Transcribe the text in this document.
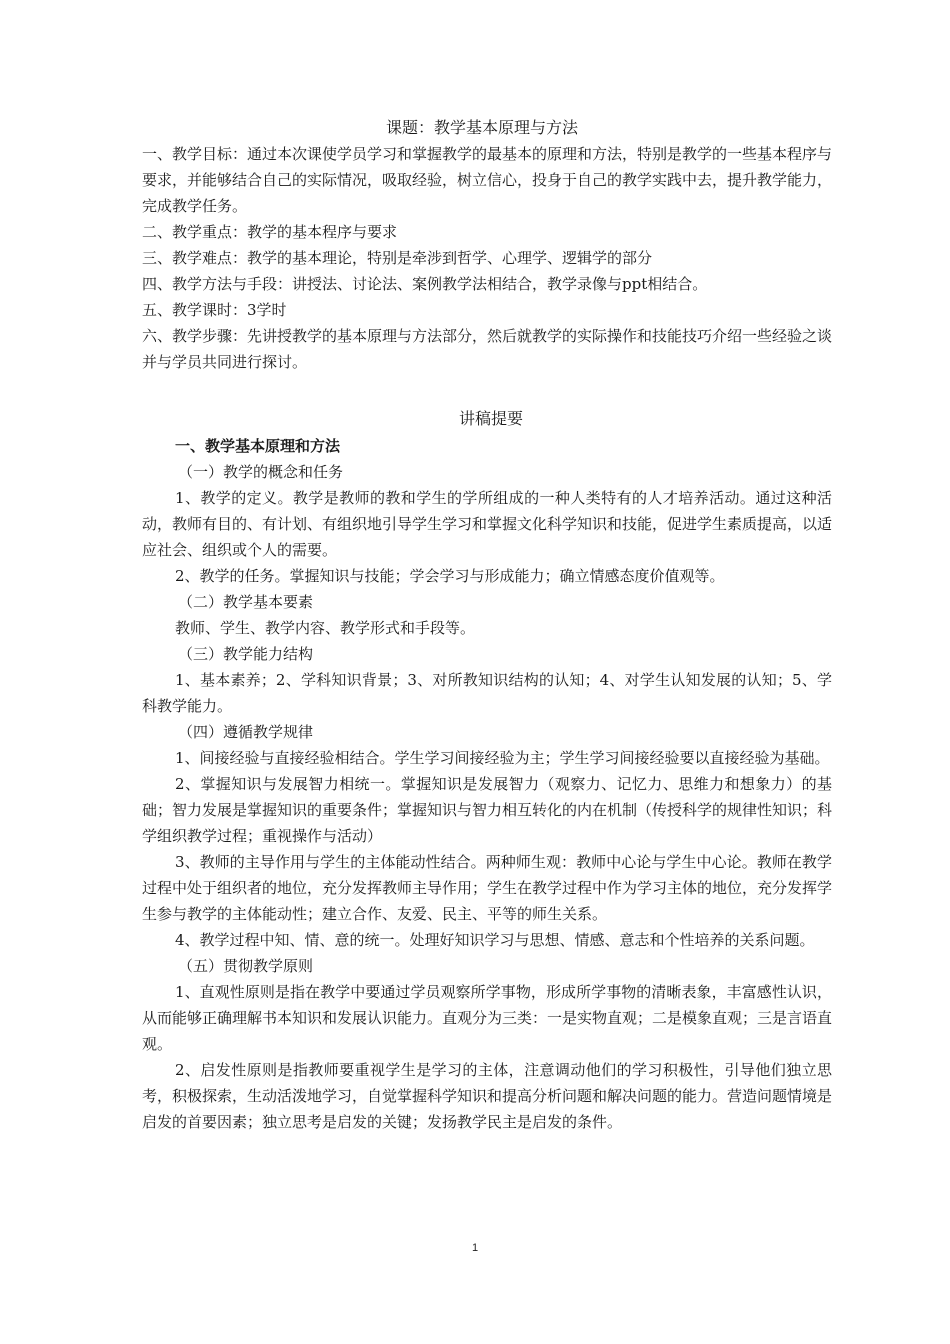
课题：教学基本原理与方法
一、教学目标：通过本次课使学员学习和掌握教学的最基本的原理和方法，特别是教学的一些基本程序与要求，并能够结合自己的实际情况，吸取经验，树立信心，投身于自己的教学实践中去，提升教学能力，完成教学任务。
二、教学重点：教学的基本程序与要求
三、教学难点：教学的基本理论，特别是牵涉到哲学、心理学、逻辑学的部分
四、教学方法与手段：讲授法、讨论法、案例教学法相结合，教学录像与ppt相结合。
五、教学课时：3学时
六、教学步骤：先讲授教学的基本原理与方法部分，然后就教学的实际操作和技能技巧介绍一些经验之谈并与学员共同进行探讨。
讲稿提要
一、教学基本原理和方法
（一）教学的概念和任务
1、教学的定义。教学是教师的教和学生的学所组成的一种人类特有的人才培养活动。通过这种活动，教师有目的、有计划、有组织地引导学生学习和掌握文化科学知识和技能，促进学生素质提高，以适应社会、组织或个人的需要。
2、教学的任务。掌握知识与技能；学会学习与形成能力；确立情感态度价值观等。
（二）教学基本要素
教师、学生、教学内容、教学形式和手段等。
（三）教学能力结构
1、基本素养；2、学科知识背景；3、对所教知识结构的认知；4、对学生认知发展的认知；5、学科教学能力。
（四）遵循教学规律
1、间接经验与直接经验相结合。学生学习间接经验为主；学生学习间接经验要以直接经验为基础。
2、掌握知识与发展智力相统一。掌握知识是发展智力（观察力、记忆力、思维力和想象力）的基础；智力发展是掌握知识的重要条件；掌握知识与智力相互转化的内在机制（传授科学的规律性知识；科学组织教学过程；重视操作与活动）
3、教师的主导作用与学生的主体能动性结合。两种师生观：教师中心论与学生中心论。教师在教学过程中处于组织者的地位，充分发挥教师主导作用；学生在教学过程中作为学习主体的地位，充分发挥学生参与教学的主体能动性；建立合作、友爱、民主、平等的师生关系。
4、教学过程中知、情、意的统一。处理好知识学习与思想、情感、意志和个性培养的关系问题。
（五）贯彻教学原则
1、直观性原则是指在教学中要通过学员观察所学事物，形成所学事物的清晰表象，丰富感性认识，从而能够正确理解书本知识和发展认识能力。直观分为三类：一是实物直观；二是模象直观；三是言语直观。
2、启发性原则是指教师要重视学生是学习的主体，注意调动他们的学习积极性，引导他们独立思考，积极探索，生动活泼地学习，自觉掌握科学知识和提高分析问题和解决问题的能力。营造问题情境是启发的首要因素；独立思考是启发的关键；发扬教学民主是启发的条件。
1
